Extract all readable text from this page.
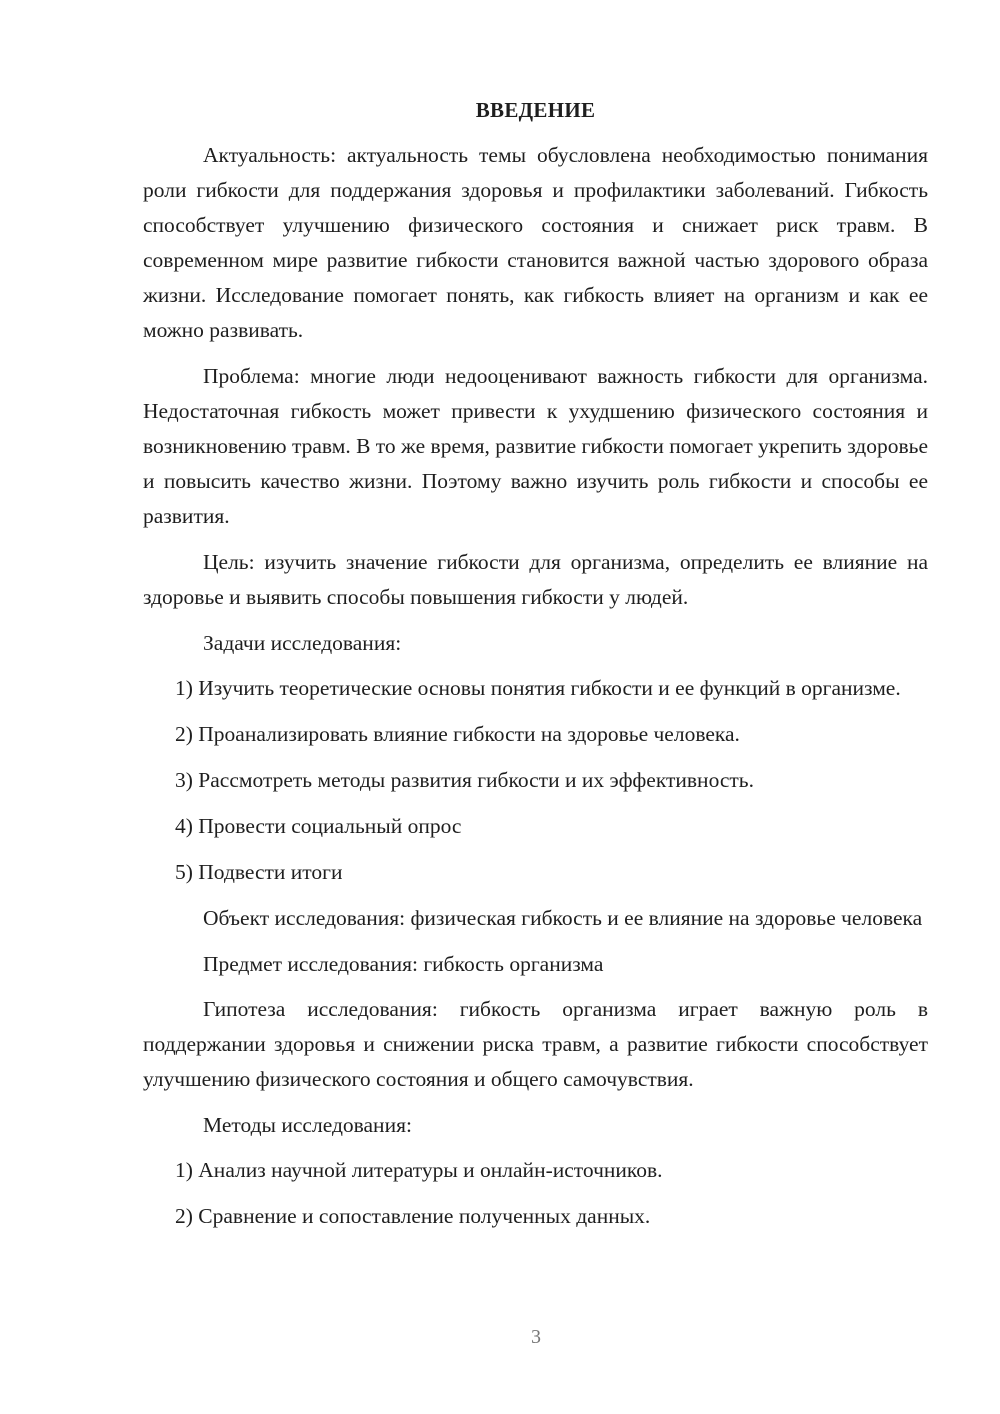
ВВЕДЕНИЕ

Актуальность: актуальность темы обусловлена необходимостью понимания роли гибкости для поддержания здоровья и профилактики заболеваний. Гибкость способствует улучшению физического состояния и снижает риск травм. В современном мире развитие гибкости становится важной частью здорового образа жизни. Исследование помогает понять, как гибкость влияет на организм и как ее можно развивать.

Проблема: многие люди недооценивают важность гибкости для организма. Недостаточная гибкость может привести к ухудшению физического состояния и возникновению травм. В то же время, развитие гибкости помогает укрепить здоровье и повысить качество жизни. Поэтому важно изучить роль гибкости и способы ее развития.

Цель: изучить значение гибкости для организма, определить ее влияние на здоровье и выявить способы повышения гибкости у людей.

Задачи исследования:

1) Изучить теоретические основы понятия гибкости и ее функций в организме.

2) Проанализировать влияние гибкости на здоровье человека.

3) Рассмотреть методы развития гибкости и их эффективность.

4) Провести социальный опрос

5) Подвести итоги

Объект исследования: физическая гибкость и ее влияние на здоровье человека

Предмет исследования: гибкость организма

Гипотеза исследования: гибкость организма играет важную роль в поддержании здоровья и снижении риска травм, а развитие гибкости способствует улучшению физического состояния и общего самочувствия.

Методы исследования:

1) Анализ научной литературы и онлайн-источников.

2) Сравнение и сопоставление полученных данных.

3
